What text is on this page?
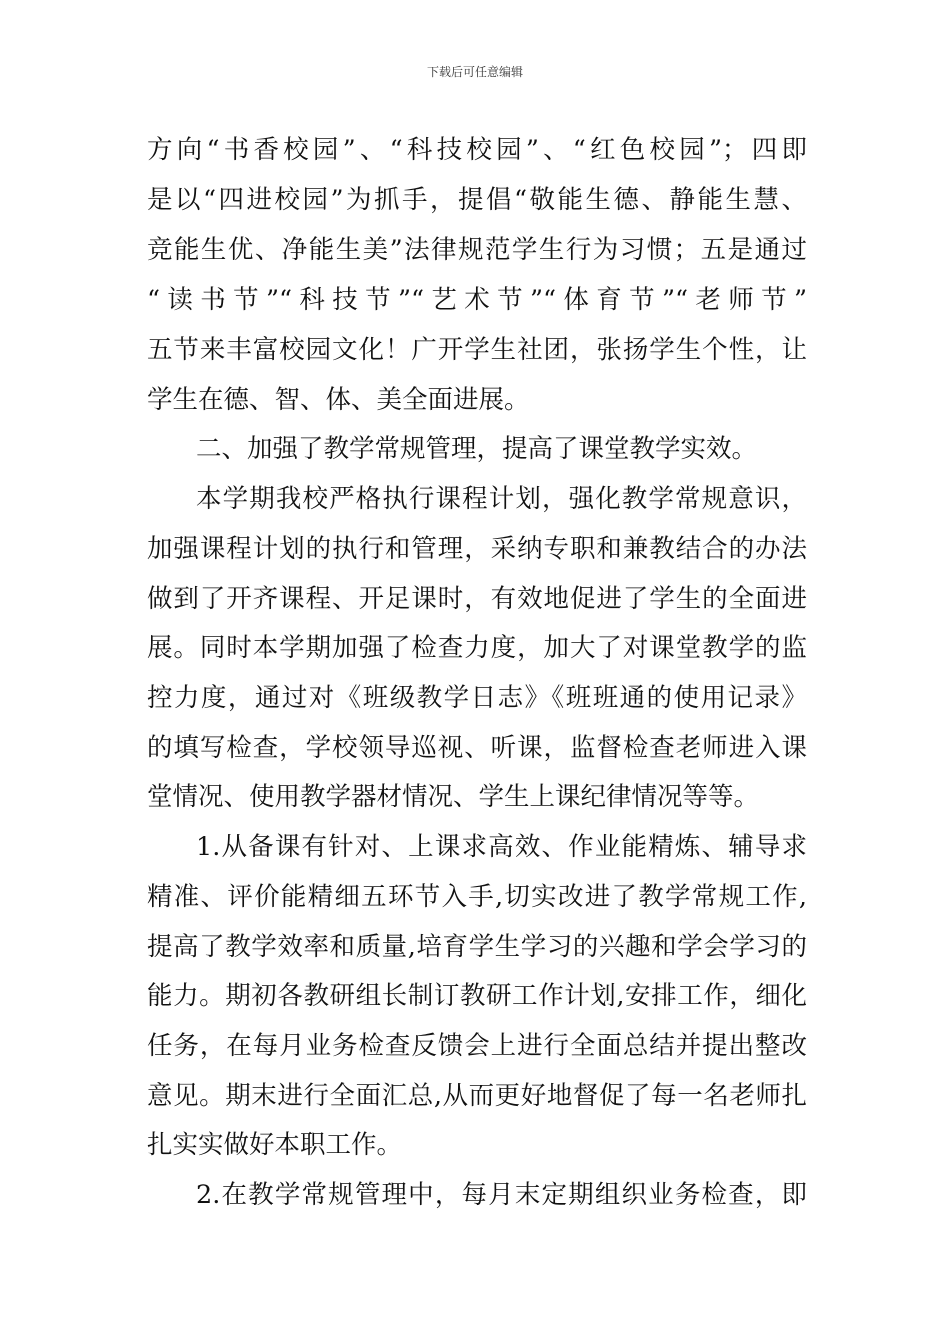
下载后可任意编辑
方向“书香校园”、“科技校园”、“红色校园”；四即
是以“四进校园”为抓手，提倡“敬能生德、静能生慧、
竞能生优、净能生美”法律规范学生行为习惯；五是通过
“读书节”“科技节”“艺术节”“体育节”“老师节”
五节来丰富校园文化！广开学生社团，张扬学生个性，让
学生在德、智、体、美全面进展。
二、加强了教学常规管理，提高了课堂教学实效。
本学期我校严格执行课程计划，强化教学常规意识，
加强课程计划的执行和管理，采纳专职和兼教结合的办法
做到了开齐课程、开足课时，有效地促进了学生的全面进
展。同时本学期加强了检查力度，加大了对课堂教学的监
控力度，通过对《班级教学日志》《班班通的使用记录》
的填写检查，学校领导巡视、听课，监督检查老师进入课
堂情况、使用教学器材情况、学生上课纪律情况等等。
1.从备课有针对、上课求高效、作业能精炼、辅导求
精准、评价能精细五环节入手,切实改进了教学常规工作,
提高了教学效率和质量,培育学生学习的兴趣和学会学习的
能力。期初各教研组长制订教研工作计划,安排工作，细化
任务，在每月业务检查反馈会上进行全面总结并提出整改
意见。期末进行全面汇总,从而更好地督促了每一名老师扎
扎实实做好本职工作。
2.在教学常规管理中，每月末定期组织业务检查，即
